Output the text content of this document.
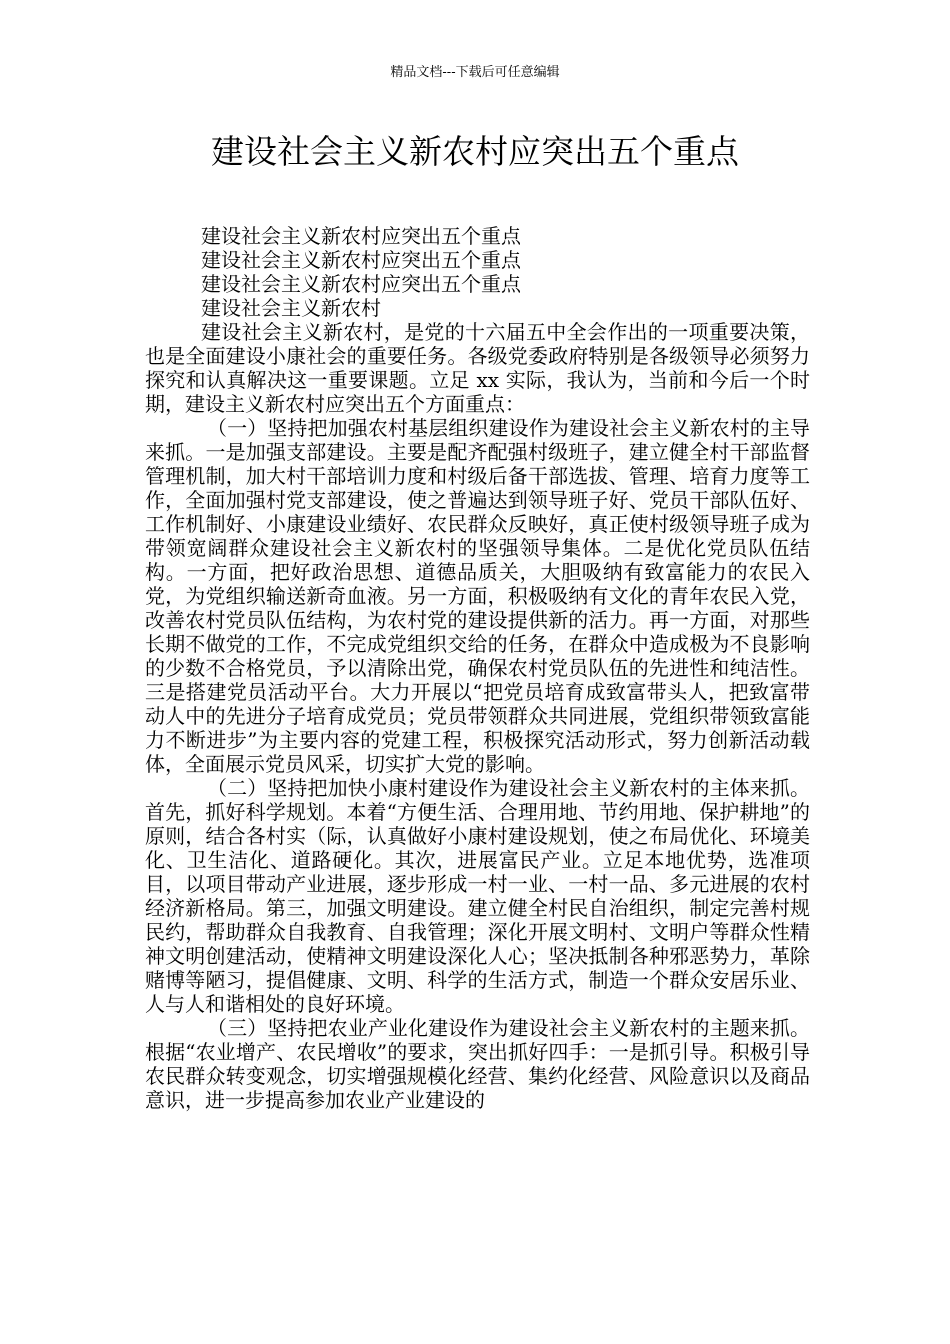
精品文档---下载后可任意编辑
建设社会主义新农村应突出五个重点
建设社会主义新农村应突出五个重点
建设社会主义新农村应突出五个重点
建设社会主义新农村应突出五个重点
建设社会主义新农村

建设社会主义新农村，是党的十六届五中全会作出的一项重要决策，也是全面建设小康社会的重要任务。各级党委政府特别是各级领导必须努力探究和认真解决这一重要课题。立足 xx 实际，我认为，当前和今后一个时期，建设主义新农村应突出五个方面重点：

（一）坚持把加强农村基层组织建设作为建设社会主义新农村的主导来抓。一是加强支部建设。主要是配齐配强村级班子，建立健全村干部监督管理机制，加大村干部培训力度和村级后备干部选拔、管理、培育力度等工作，全面加强村党支部建设，使之普遍达到领导班子好、党员干部队伍好、工作机制好、小康建设业绩好、农民群众反映好，真正使村级领导班子成为带领宽阔群众建设社会主义新农村的坚强领导集体。二是优化党员队伍结构。一方面，把好政治思想、道德品质关，大胆吸纳有致富能力的农民入党，为党组织输送新奇血液。另一方面，积极吸纳有文化的青年农民入党，改善农村党员队伍结构，为农村党的建设提供新的活力。再一方面，对那些长期不做党的工作，不完成党组织交给的任务，在群众中造成极为不良影响的少数不合格党员，予以清除出党，确保农村党员队伍的先进性和纯洁性。三是搭建党员活动平台。大力开展以“把党员培育成致富带头人，把致富带动人中的先进分子培育成党员；党员带领群众共同进展，党组织带领致富能力不断进步”为主要内容的党建工程，积极探究活动形式，努力创新活动载体，全面展示党员风采，切实扩大党的影响。

（二）坚持把加快小康村建设作为建设社会主义新农村的主体来抓。首先，抓好科学规划。本着“方便生活、合理用地、节约用地、保护耕地”的原则，结合各村实（际，认真做好小康村建设规划，使之布局优化、环境美化、卫生洁化、道路硬化。其次，进展富民产业。立足本地优势，选准项目，以项目带动产业进展，逐步形成一村一业、一村一品、多元进展的农村经济新格局。第三，加强文明建设。建立健全村民自治组织，制定完善村规民约，帮助群众自我教育、自我管理；深化开展文明村、文明户等群众性精神文明创建活动，使精神文明建设深化人心；坚决抵制各种邪恶势力，革除赌博等陋习，提倡健康、文明、科学的生活方式，制造一个群众安居乐业、人与人和谐相处的良好环境。

（三）坚持把农业产业化建设作为建设社会主义新农村的主题来抓。根据“农业增产、农民增收”的要求，突出抓好四手：一是抓引导。积极引导农民群众转变观念，切实增强规模化经营、集约化经营、风险意识以及商品意识，进一步提高参加农业产业建设的
